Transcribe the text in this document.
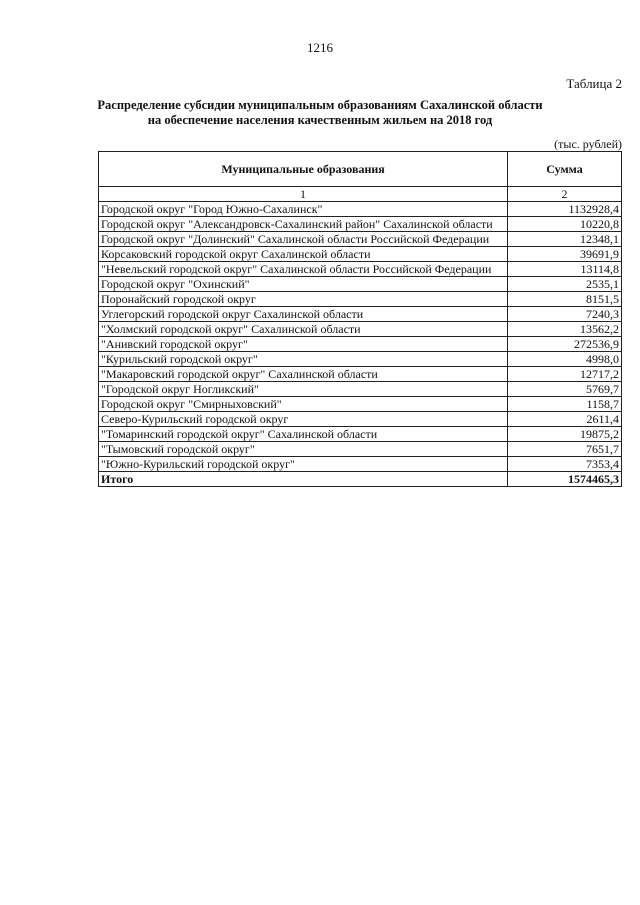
1216
Таблица 2
Распределение субсидии муниципальным образованиям Сахалинской области
на обеспечение населения качественным жильем на 2018 год
(тыс. рублей)
Муниципальные образования	Сумма
1	2
Городской округ "Город Южно-Сахалинск"	1132928,4
Городской округ "Александровск-Сахалинский район" Сахалинской области	10220,8
Городской округ "Долинский" Сахалинской области Российской Федерации	12348,1
Корсаковский городской округ Сахалинской области	39691,9
"Невельский городской округ" Сахалинской области Российской Федерации	13114,8
Городской округ "Охинский"	2535,1
Поронайский городской округ	8151,5
Углегорский городской округ Сахалинской области	7240,3
"Холмский городской округ" Сахалинской области	13562,2
"Анивский городской округ"	272536,9
"Курильский городской округ"	4998,0
"Макаровский городской округ" Сахалинской области	12717,2
"Городской округ Ногликский"	5769,7
Городской округ "Смирныховский"	1158,7
Северо-Курильский городской округ	2611,4
"Томаринский городской округ" Сахалинской области	19875,2
"Тымовский городской округ"	7651,7
"Южно-Курильский городской округ"	7353,4
Итого	1574465,3
